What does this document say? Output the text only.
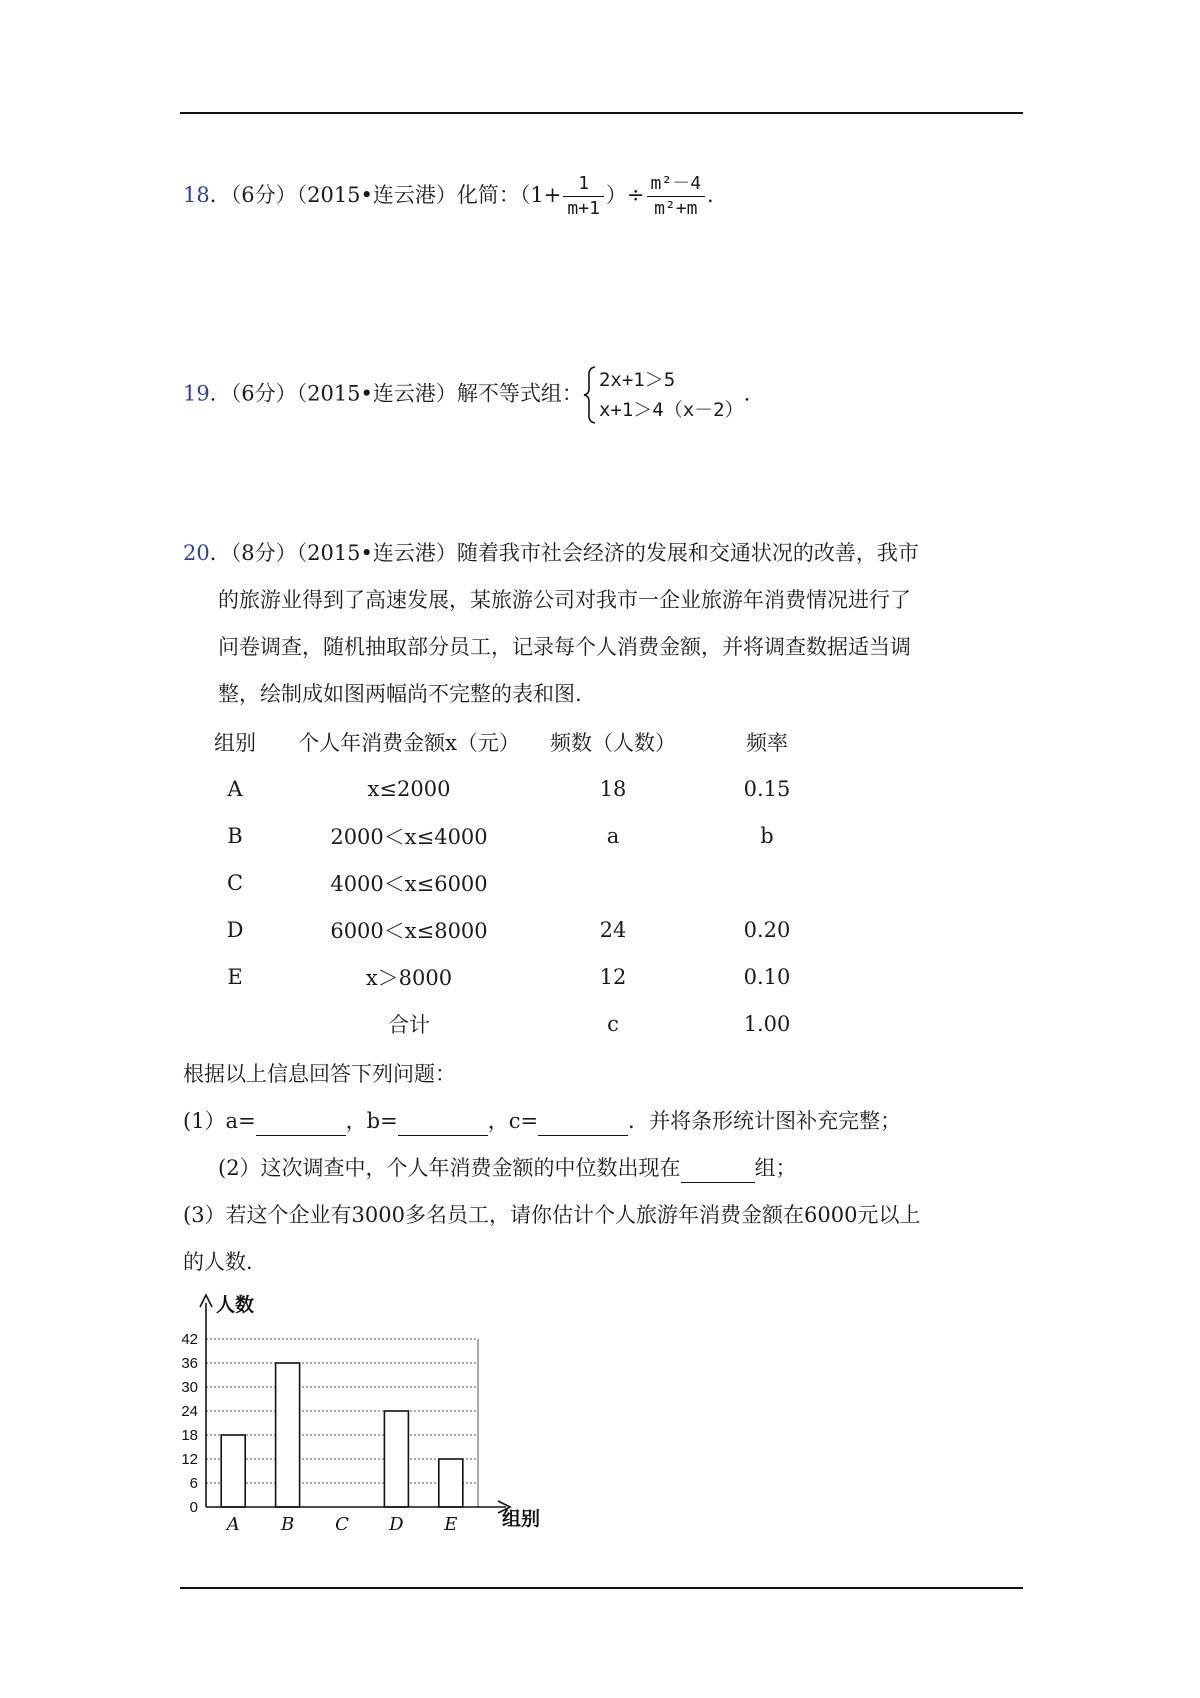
18．（6分）（2015•连云港）化简：（$1+ \frac{1}{m+1}$ ）÷ $\frac{\text{m²－4}}{\text{m²+m}}$ .
19．（6分）（2015•连云港）解不等式组：
2x+1＞5
x+1＞4（x－2）
.
20．（8分）（2015•连云港）随着我市社会经济的发展和交通状况的改善，我市
的旅游业得到了高速发展，某旅游公司对我市一企业旅游年消费情况进行了
问卷调查，随机抽取部分员工，记录每个人消费金额，并将调查数据适当调
整，绘制成如图两幅尚不完整的表和图.
组别	个人年消费金额x（元）	频数（人数）	频率
A	x≤2000	18	0.15
B	2000＜x≤4000	a	b
C	4000＜x≤6000		
D	6000＜x≤8000	24	0.20
E	x＞8000	12	0.10
	合计	c	1.00
根据以上信息回答下列问题：
(1）a=	，b=	，c=	．并将条形统计图补充完整；
(2）这次调查中，个人年消费金额的中位数出现在	组；
(3）若这个企业有3000多名员工，请你估计个人旅游年消费金额在6000元以上
的人数.
人数
组别
0
6
12
18
24
30
36
42
A B C D E
